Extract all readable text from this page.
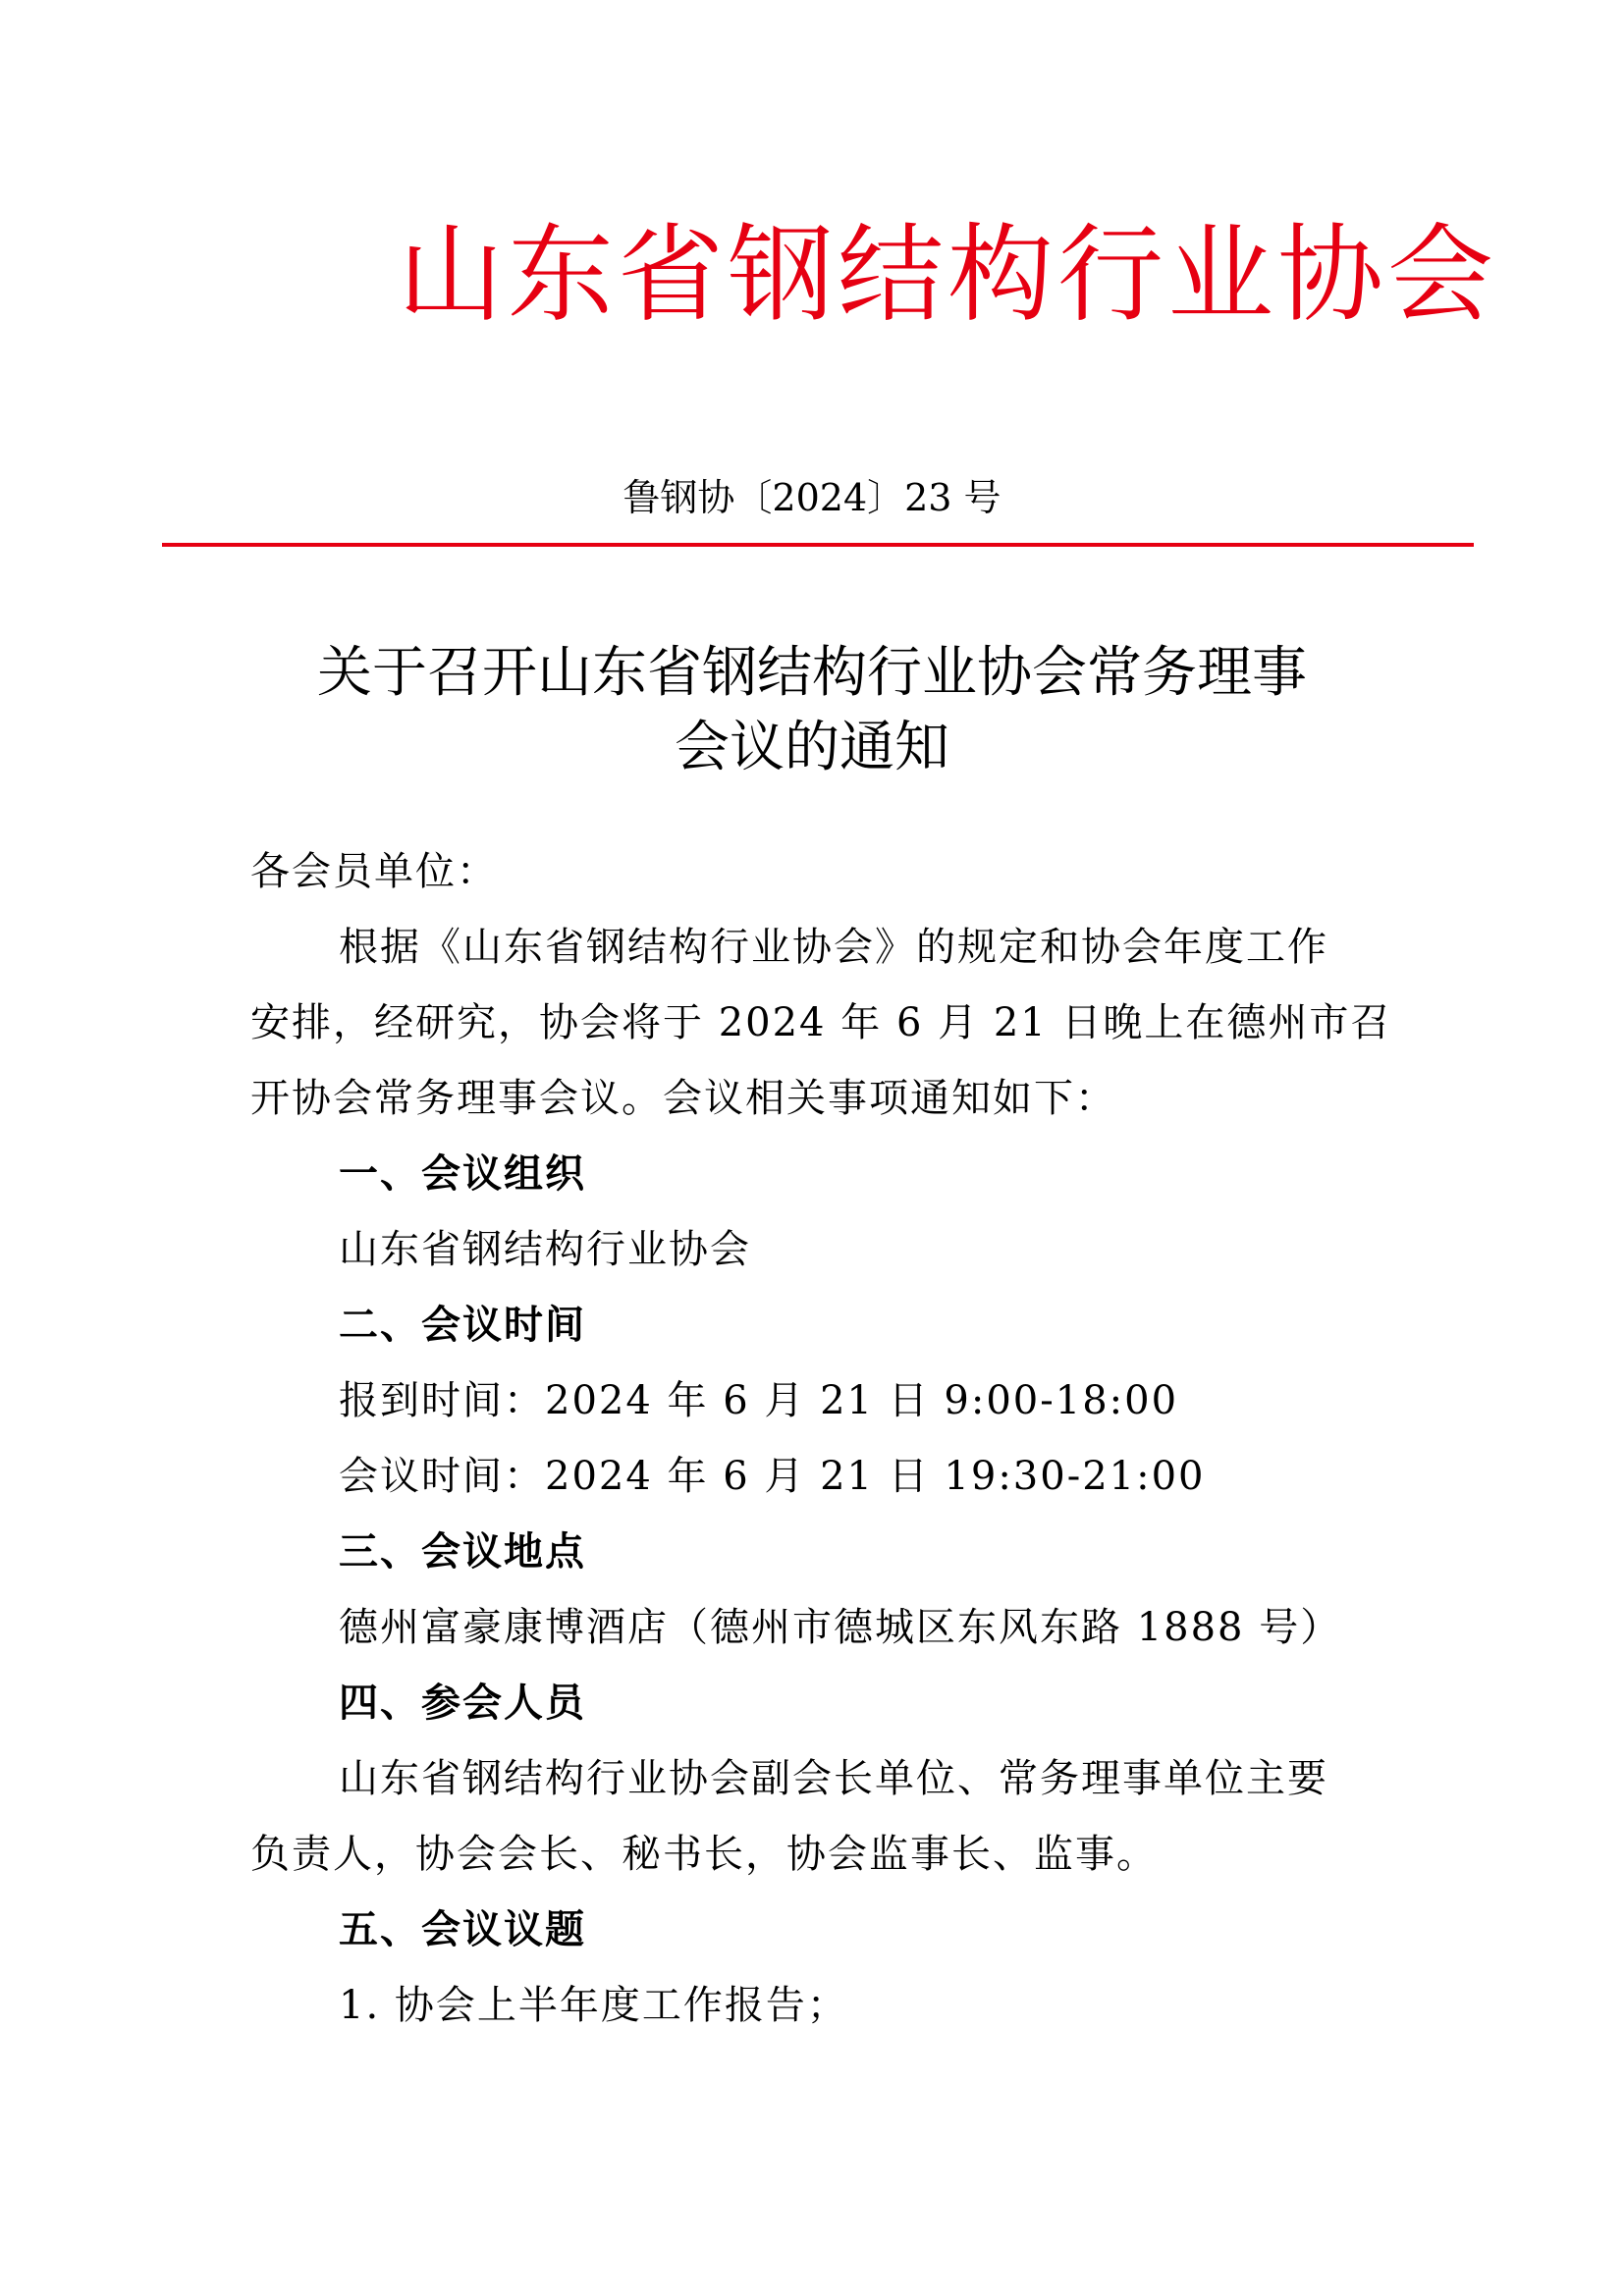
山东省钢结构行业协会
鲁钢协〔2024〕23 号
关于召开山东省钢结构行业协会常务理事
会议的通知
各会员单位：
根据《山东省钢结构行业协会》的规定和协会年度工作
安排，经研究，协会将于 2024 年 6 月 21 日晚上在德州市召
开协会常务理事会议。会议相关事项通知如下：
一、会议组织
山东省钢结构行业协会
二、会议时间
报到时间：2024 年 6 月 21 日 9:00-18:00
会议时间：2024 年 6 月 21 日 19:30-21:00
三、会议地点
德州富豪康博酒店（德州市德城区东风东路 1888 号）
四、参会人员
山东省钢结构行业协会副会长单位、常务理事单位主要
负责人，协会会长、秘书长，协会监事长、监事。
五、会议议题
1. 协会上半年度工作报告；
